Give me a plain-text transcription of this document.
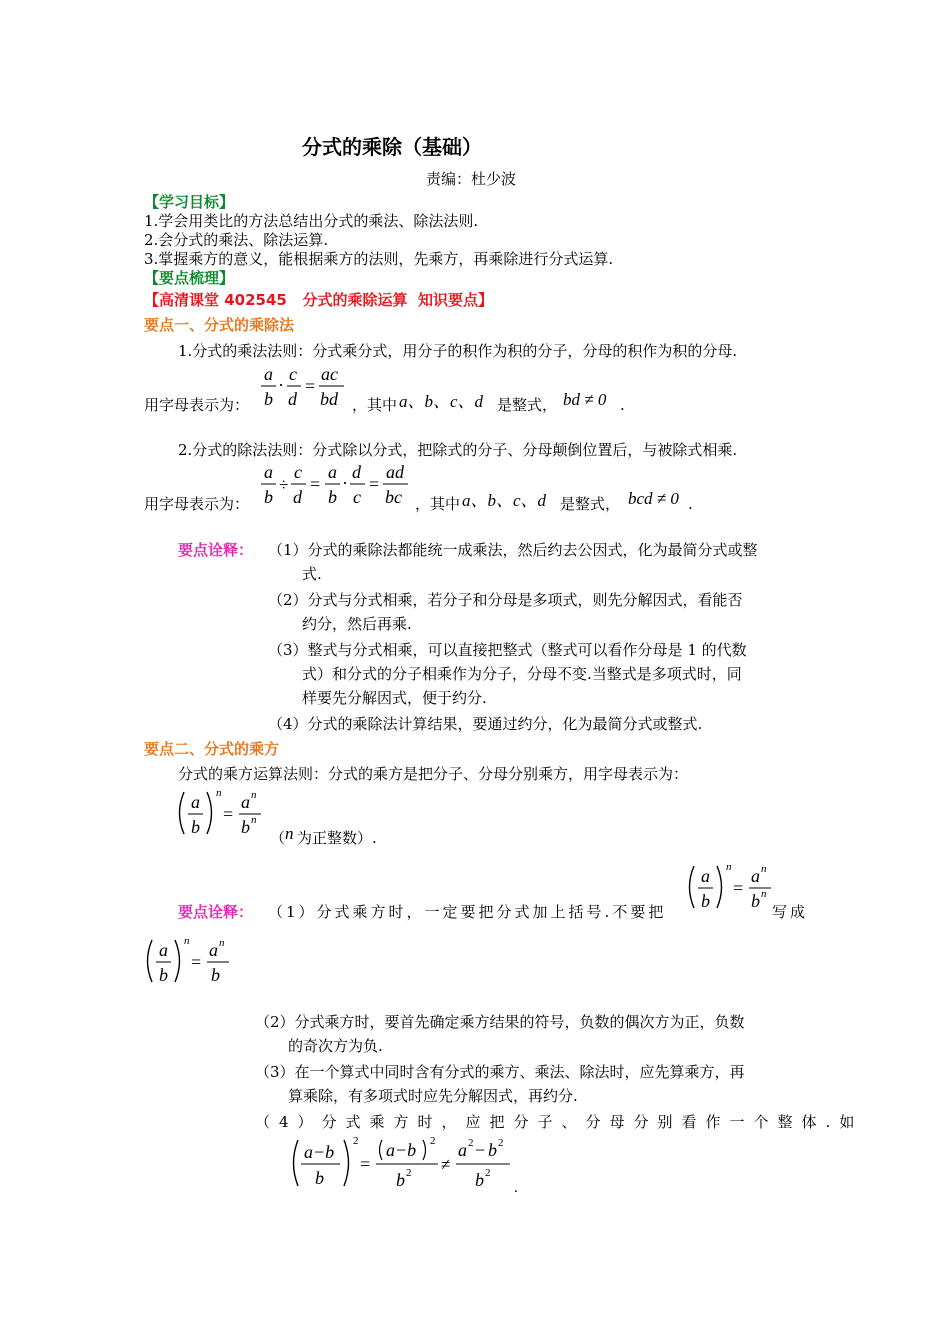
分式的乘除（基础）
责编：杜少波
【学习目标】
1.学会用类比的方法总结出分式的乘法、除法法则.
2.会分式的乘法、除法运算.
3.掌握乘方的意义，能根据乘方的法则，先乘方，再乘除进行分式运算.
【要点梳理】
【高清课堂 402545   分式的乘除运算  知识要点】
要点一、分式的乘除法
1.分式的乘法法则：分式乘分式，用分子的积作为积的分子，分母的积作为积的分母.
用字母表示为：
a
b
·
c
d
=
ac
bd ，其中 a、b、c、d 是整式， bd ≠ 0 .
2.分式的除法法则：分式除以分式，把除式的分子、分母颠倒位置后，与被除式相乘.
用字母表示为：
a
b
÷
c
d
=
a
b
·
d
c
=
ad
bc ，其中 a、b、c、d 是整式， bcd ≠ 0 .
要点诠释： （1）分式的乘除法都能统一成乘法，然后约去公因式，化为最简分式或整
式.
（2）分式与分式相乘，若分子和分母是多项式，则先分解因式，看能否
约分，然后再乘.
（3）整式与分式相乘，可以直接把整式（整式可以看作分母是 1 的代数
式）和分式的分子相乘作为分子，分母不变.当整式是多项式时，同
样要先分解因式，便于约分.
（4）分式的乘除法计算结果，要通过约分，化为最简分式或整式.
要点二、分式的乘方
分式的乘方运算法则：分式的乘方是把分子、分母分别乘方，用字母表示为：
a
b
n
=
a n
b n
（ n 为正整数）.
要点诠释： （1）分式乘方时，一定要把分式加上括号.不要把
a
b
n
=
a n
b n
写成
a
b
n
=
a n
b
（2）分式乘方时，要首先确定乘方结果的符号，负数的偶次方为正，负数
的奇次方为负.
（3）在一个算式中同时含有分式的乘方、乘法、除法时，应先算乘方，再
算乘除，有多项式时应先分解因式，再约分.
（4）分式乘方时，应把分子、分母分别看作一个整体.如
a−b
b
2
=
a−b 2
b 2 ≠
a 2 − b 2
b 2
.
